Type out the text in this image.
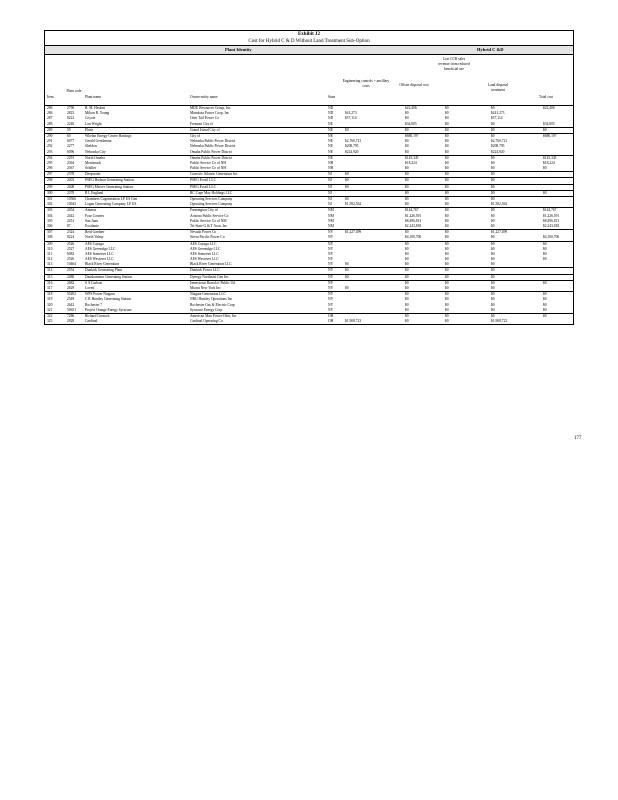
Exhibit J2
Cost for Hybrid C & D Without Land Treatment Sub-Option
Plant Identity	Hybrid C &D
Item
Plant code
Plant name	Owner entity name	State
Engineering controls + ancillary costs	Offsite disposal cost
Lost CCR sales revenue from reduced beneficial use
Land disposal treatment
Total cost
286	2790	R. M. Heskett	MDU Resources Group, Inc.	ND	$22,406	$0	$0	$22,406
286	2823	Milton R. Young	Minnkota Power Coop, Inc	ND	$41,273	$0	$0	$241,273
287	8222	Coyote	Otter Tail Power Co	ND	$57,114	$0	$0	$57,114
288	2240	Lon Wright	Fremont City of	NE	$34,805	$0	$0	$34,805
289	59	Platte	Grand Island City of	NE	$0	$0	$0	$0	$0
290	60	Whelan Energy Center Hastings	City of	NE	$680,197	$0	$0	$680,197
291	6077	Gerald Gentleman	Nebraska Public Power District	NE	$2,760,721	$0	$0	$2,760,721
292	2277	Sheldon	Nebraska Public Power District	NE	$208,795	$0	$0	$208,795
293	6096	Nebraska City	Omaha Public Power District	NE	$224,920	$0	$0	$224,920
294	2291	North Omaha	Omaha Public Power District	NE	$145,345	$0	$0	$145,345
295	2364	Merrimack	Public Service Co of NH	NH	$18,224	$0	$0	$18,224
296	2367	Schiller	Public Service Co of NH	NH	$0	$0	$0	$0
297	2378	Deepwater	Conectiv Atlantic Generation Inc	NJ	$0	$0	$0	$0
298	2403	PSEG Hudson Generating Station	PSEG Fossil LLC	NJ	$0	$0	$0	$0
299	2408	PSEG Mercer Generating Station	PSEG Fossil LLC	NJ	$0	$0	$0	$0
300	2378	B L England	RC Cape May Holdings LLC	NJ	$0	$0	$0	$0
301	10566	Chambers Cogeneration LP US Gen	Operating Services Company	NJ	$0	$0	$0	$0
302	10043	Logan Generating Company LP US	Operating Services Company	NJ	$1,582,562	$0	$0	$1,582,562
303	2454	Animas	Farmington City of	NM	$144,767	$0	$0	$144,767
304	2442	Four Corners	Arizona Public Service Co	NM	$1,226,591	$0	$0	$1,226,591
305	2451	San Juan	Public Service Co of NM	NM	$8,496,813	$0	$0	$8,496,813
306	87	Escalante	Tri-State G & T Assn, Inc	NM	$2,243,818	$0	$0	$2,243,818
307	2324	Reid Gardner	Nevada Power Co	NV	$1,227,499	$0	$0	$1,227,499
308	8224	North Valmy	Sierra Pacific Power Co	NV	$4,100,706	$0	$0	$4,100,706
309	2526	AES Cayuga	AES Cayuga LLC	NY	$0	$0	$0	$0
310	2527	AES Greenidge LLC	AES Greenidge LLC	NY	$0	$0	$0	$0
311	6082	AES Somerset LLC	AES Somerset LLC	NY	$0	$0	$0	$0
312	2526	AES Westover LLC	AES Westover LLC	NY	$0	$0	$0	$0
313	10464	Black River Generation	Black River Generation LLC	NY	$0	$0	$0	$0
314	2554	Dunkirk Generating Plant	Dunkirk Power LLC	NY	$0	$0	$0	$0
315	2480	Danskammer Generating Station	Dynegy Northeast Gen Inc	NY	$0	$0	$0	$0
316	2682	S A Carlson	Jamestown Board of Public Utl	NY	$0	$0	$0	$0
317	2629	Lovett	Mirant New York Inc	NY	$0	$0	$0	$0
318	50202	WPS Power Niagara	Niagara Generation LLC	NY	$0	$0	$0	$0
319	2549	C R Huntley Generating Station	NRG Huntley Operations Inc	NY	$0	$0	$0	$0
320	2642	Rochester 7	Rochester Gas & Electric Corp	NY	$0	$0	$0	$0
321	50651	Project Orange Energy Syracuse	Syracuse Energy Corp	NY	$0	$0	$0	$0
322	7286	Richard Gorsuch	American Mun Power-Ohio, Inc	OH	$0	$0	$0	$0
323	2828	Cardinal	Cardinal Operating Co	OH	$1,908,723	$0	$0	$1,908,723
177
